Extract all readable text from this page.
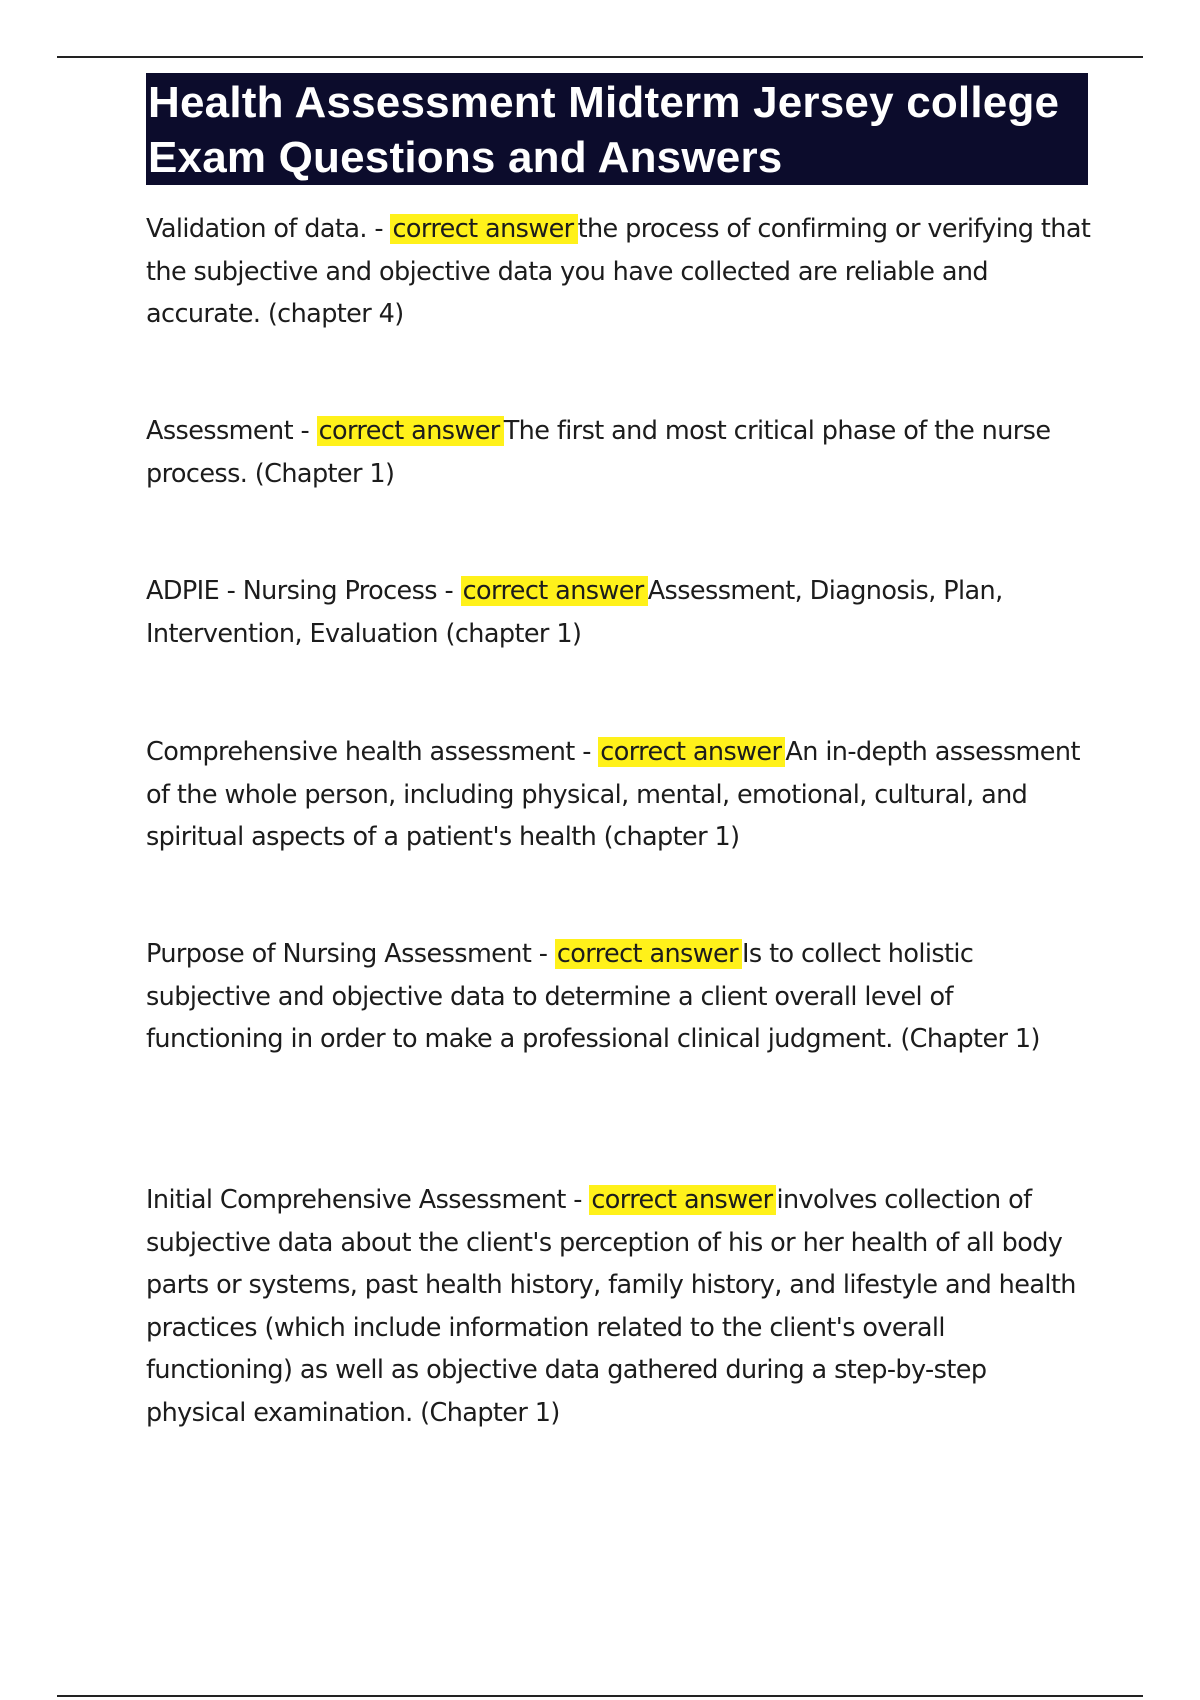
Health Assessment Midterm Jersey college Exam Questions and Answers

Validation of data. - correct answer the process of confirming or verifying that the subjective and objective data you have collected are reliable and accurate. (chapter 4)

Assessment - correct answer The first and most critical phase of the nurse process. (Chapter 1)

ADPIE - Nursing Process - correct answer Assessment, Diagnosis, Plan, Intervention, Evaluation (chapter 1)

Comprehensive health assessment - correct answer An in-depth assessment of the whole person, including physical, mental, emotional, cultural, and spiritual aspects of a patient's health (chapter 1)

Purpose of Nursing Assessment - correct answer Is to collect holistic subjective and objective data to determine a client overall level of functioning in order to make a professional clinical judgment. (Chapter 1)

Initial Comprehensive Assessment - correct answer involves collection of subjective data about the client's perception of his or her health of all body parts or systems, past health history, family history, and lifestyle and health practices (which include information related to the client's overall functioning) as well as objective data gathered during a step-by-step physical examination. (Chapter 1)
